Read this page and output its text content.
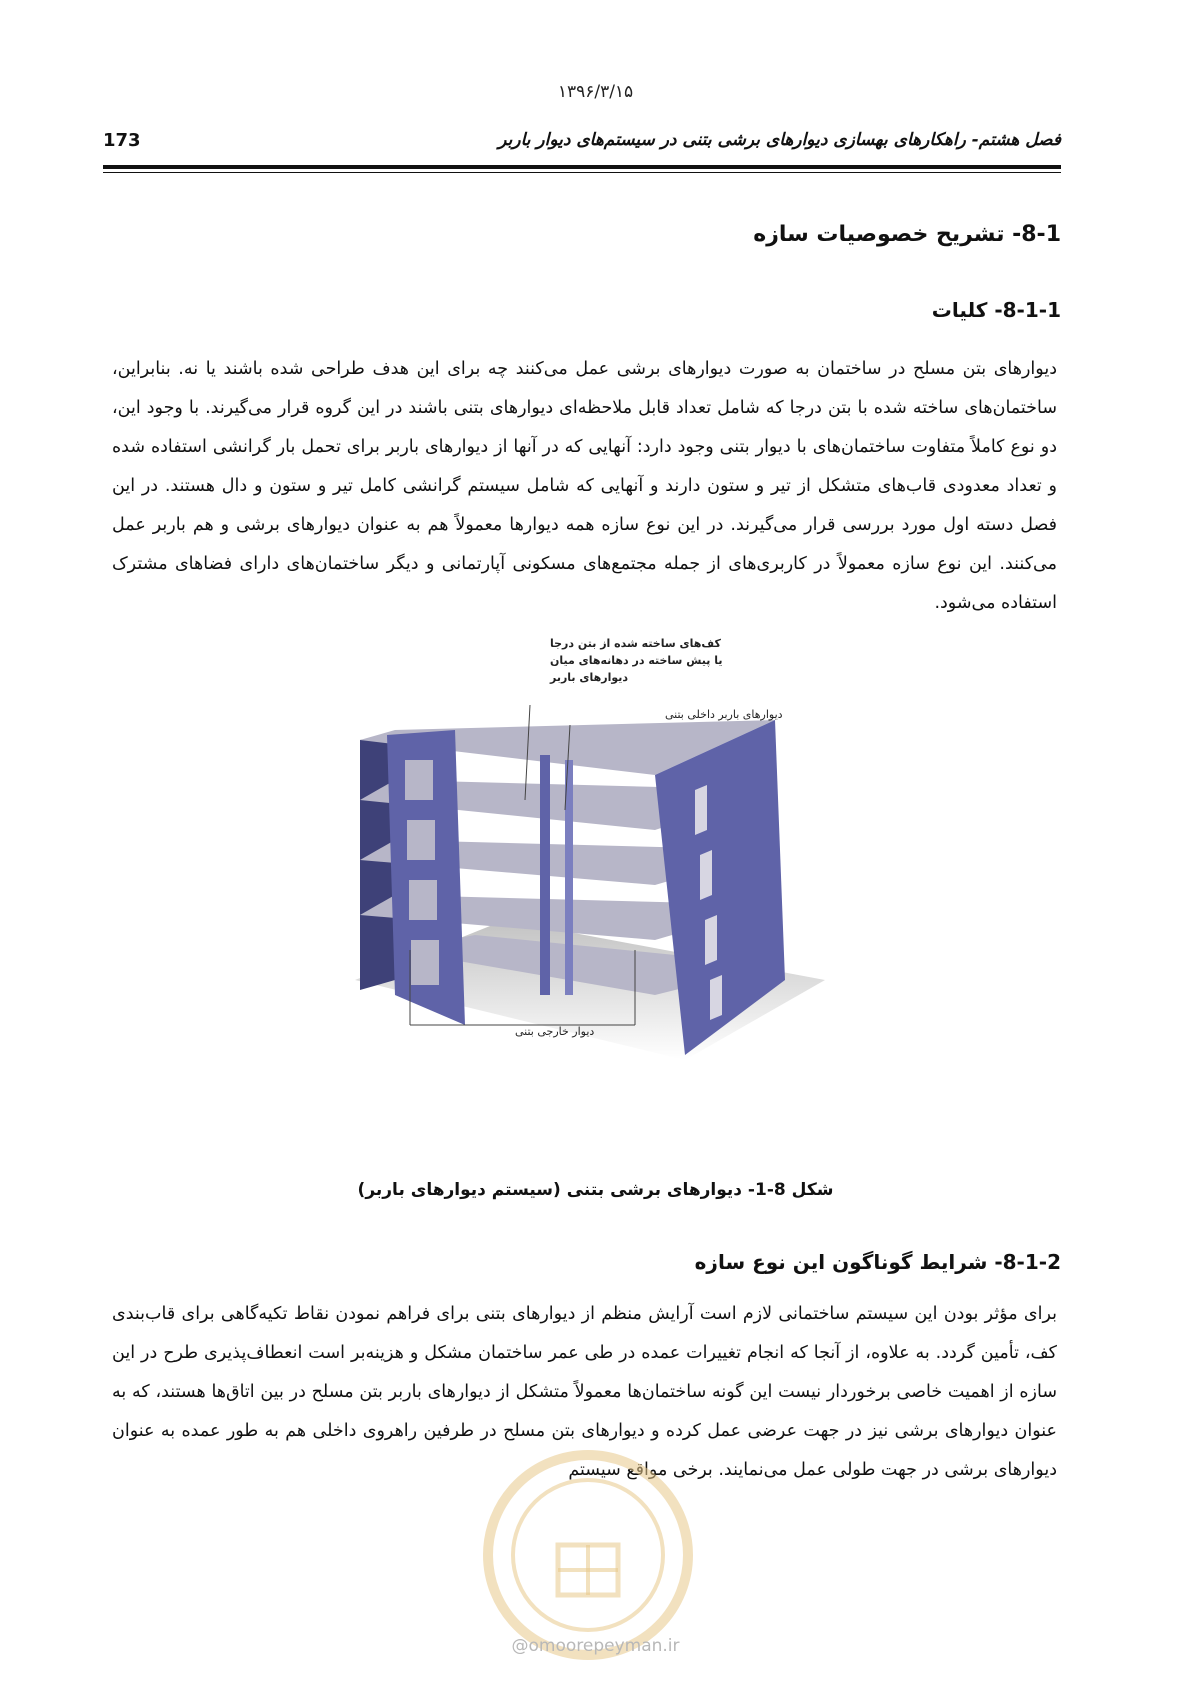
۱۳۹۶/۳/۱۵
173	فصل هشتم- راهکارهای بهسازی دیوارهای برشی بتنی در سیستم‌های دیوار باربر
8-1- تشریح خصوصیات سازه
8-1-1- کلیات

دیوارهای بتن مسلح در ساختمان به صورت دیوارهای برشی عمل می‌کنند چه برای این هدف طراحی شده باشند یا نه. بنابراین، ساختمان‌های ساخته شده با بتن درجا که شامل تعداد قابل ملاحظه‌ای دیوارهای بتنی باشند در این گروه قرار می‌گیرند. با وجود این، دو نوع کاملاً متفاوت ساختمان‌های با دیوار بتنی وجود دارد: آنهایی که در آنها از دیوارهای باربر برای تحمل بار گرانشی استفاده شده و تعداد معدودی قاب‌های متشکل از تیر و ستون دارند و آنهایی که شامل سیستم گرانشی کامل تیر و ستون و دال هستند. در این فصل دسته اول مورد بررسی قرار می‌گیرند. در این نوع سازه همه دیوارها معمولاً هم به عنوان دیوارهای برشی و هم باربر عمل می‌کنند. این نوع سازه معمولاً در کاربری‌های از جمله مجتمع‌های مسکونی آپارتمانی و دیگر ساختمان‌های دارای فضاهای مشترک استفاده می‌شود.

دیوارهای باربر داخلی بتنی
دیوار خارجی بتنی
کف‌های ساخته شده از بتن درجا
یا پیش ساخته در دهانه‌های میان
دیوارهای باربر
شکل 8-1- دیوارهای برشی بتنی (سیستم دیوارهای باربر)
8-1-2- شرایط گوناگون این نوع سازه

برای مؤثر بودن این سیستم ساختمانی لازم است آرایش منظم از دیوارهای بتنی برای فراهم نمودن نقاط تکیه‌گاهی برای قاب‌بندی کف، تأمین گردد. به علاوه، از آنجا که انجام تغییرات عمده در طی عمر ساختمان مشکل و هزینه‌بر است انعطاف‌پذیری طرح در این سازه از اهمیت خاصی برخوردار نیست این گونه ساختمان‌ها معمولاً متشکل از دیوارهای باربر بتن مسلح در بین اتاق‌ها هستند، که به عنوان دیوارهای برشی نیز در جهت عرضی عمل کرده و دیوارهای بتن مسلح در طرفین راهروی داخلی هم به طور عمده به عنوان دیوارهای برشی در جهت طولی عمل می‌نمایند. برخی مواقع سیستم

@omoorepeyman.ir
